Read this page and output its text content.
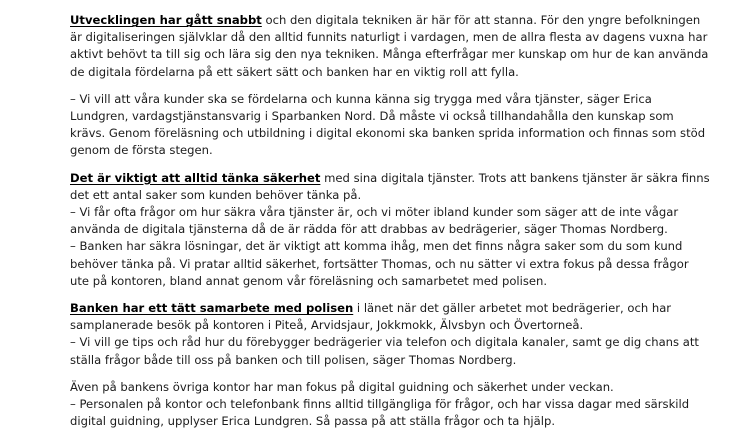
Utvecklingen har gått snabbt och den digitala tekniken är här för att stanna. För den yngre befolkningen är digitaliseringen självklar då den alltid funnits naturligt i vardagen, men de allra flesta av dagens vuxna har aktivt behövt ta till sig och lära sig den nya tekniken. Många efterfrågar mer kunskap om hur de kan använda de digitala fördelarna på ett säkert sätt och banken har en viktig roll att fylla.

– Vi vill att våra kunder ska se fördelarna och kunna känna sig trygga med våra tjänster, säger Erica Lundgren, vardagstjänstansvarig i Sparbanken Nord. Då måste vi också tillhandahålla den kunskap som krävs. Genom föreläsning och utbildning i digital ekonomi ska banken sprida information och finnas som stöd genom de första stegen.

Det är viktigt att alltid tänka säkerhet med sina digitala tjänster. Trots att bankens tjänster är säkra finns det ett antal saker som kunden behöver tänka på.
– Vi får ofta frågor om hur säkra våra tjänster är, och vi möter ibland kunder som säger att de inte vågar använda de digitala tjänsterna då de är rädda för att drabbas av bedrägerier, säger Thomas Nordberg.
– Banken har säkra lösningar, det är viktigt att komma ihåg, men det finns några saker som du som kund behöver tänka på. Vi pratar alltid säkerhet, fortsätter Thomas, och nu sätter vi extra fokus på dessa frågor ute på kontoren, bland annat genom vår föreläsning och samarbetet med polisen.

Banken har ett tätt samarbete med polisen i länet när det gäller arbetet mot bedrägerier, och har samplanerade besök på kontoren i Piteå, Arvidsjaur, Jokkmokk, Älvsbyn och Övertorneå.
– Vi vill ge tips och råd hur du förebygger bedrägerier via telefon och digitala kanaler, samt ge dig chans att ställa frågor både till oss på banken och till polisen, säger Thomas Nordberg.

Även på bankens övriga kontor har man fokus på digital guidning och säkerhet under veckan.
– Personalen på kontor och telefonbank finns alltid tillgängliga för frågor, och har vissa dagar med särskild digital guidning, upplyser Erica Lundgren. Så passa på att ställa frågor och ta hjälp.
